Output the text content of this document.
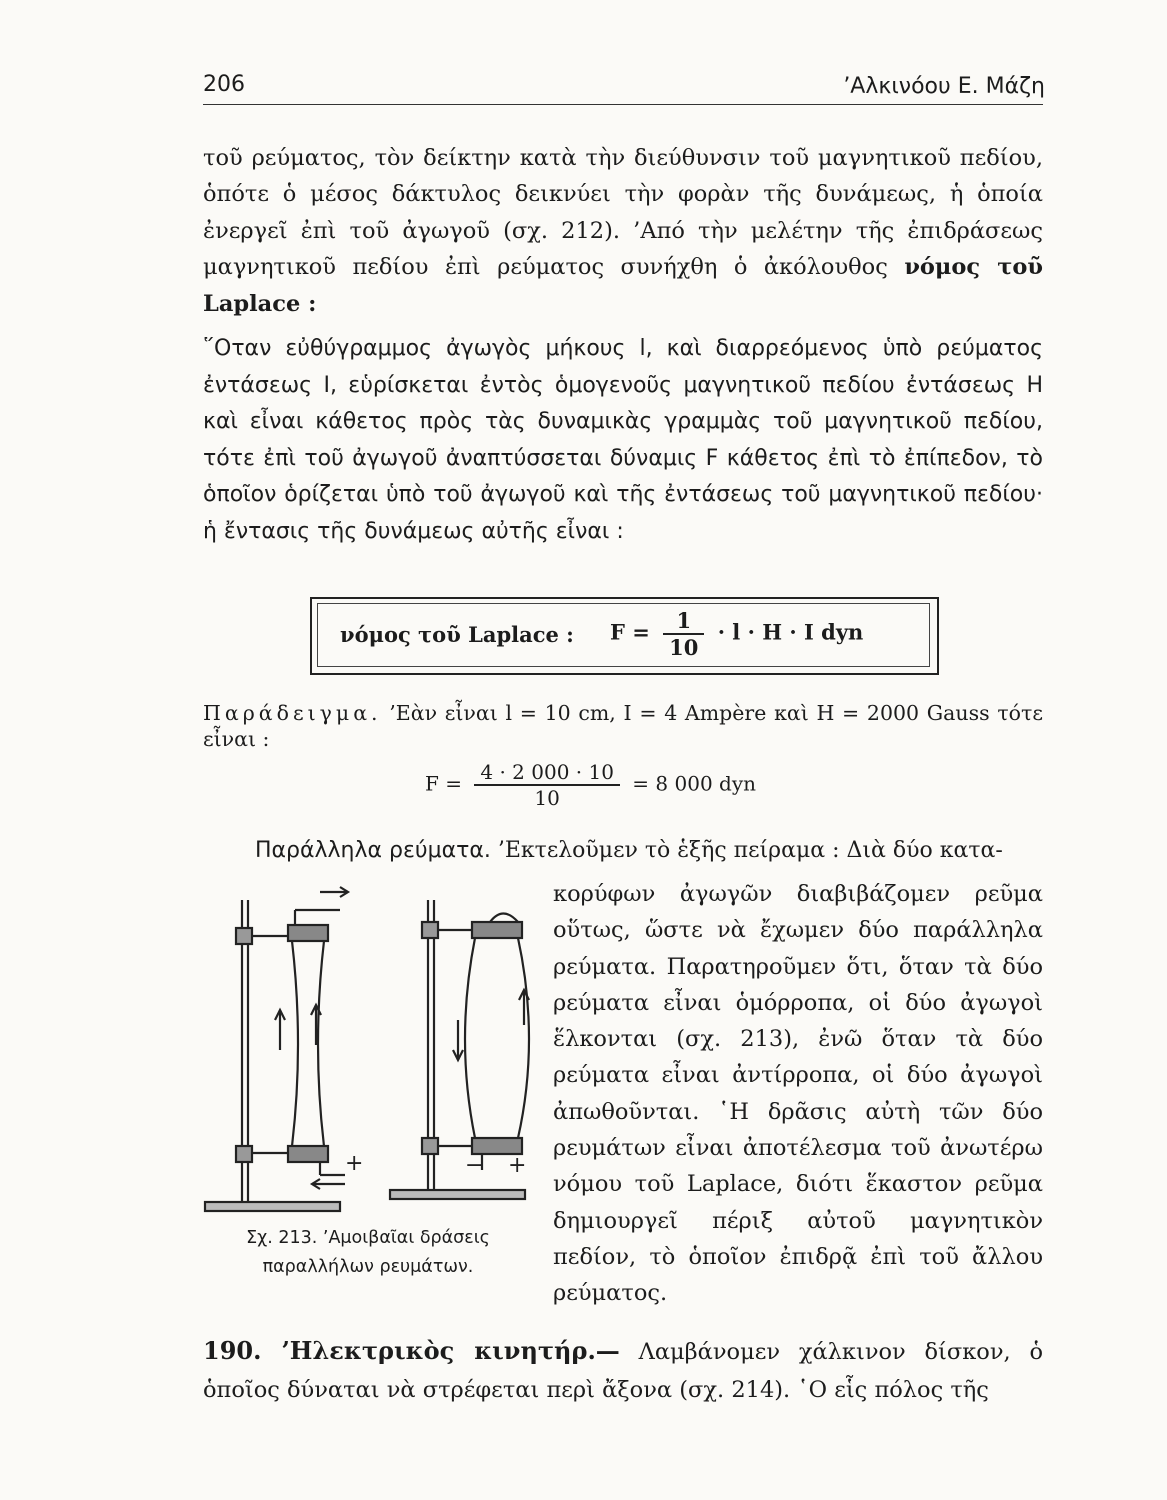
206	’Αλκινόου Ε. Μάζη

τοῦ ρεύματος, τὸν δείκτην κατὰ τὴν διεύθυνσιν τοῦ μαγνητικοῦ πεδίου, ὁπότε ὁ μέσος δάκτυλος δεικνύει τὴν φορὰν τῆς δυνάμεως, ἡ ὁποία ἐνεργεῖ ἐπὶ τοῦ ἀγωγοῦ (σχ. 212). ’Από τὴν μελέτην τῆς ἐπιδράσεως μαγνητικοῦ πεδίου ἐπὶ ρεύματος συνήχθη ὁ ἀκόλουθος νόμος τοῦ Laplace :

῞Οταν εὐθύγραμμος ἀγωγὸς μήκους l, καὶ διαρρεόμενος ὑπὸ ρεύματος ἐντάσεως I, εὑρίσκεται ἐντὸς ὁμογενοῦς μαγνητικοῦ πεδίου ἐντάσεως H καὶ εἶναι κάθετος πρὸς τὰς δυναμικὰς γραμμὰς τοῦ μαγνητικοῦ πεδίου, τότε ἐπὶ τοῦ ἀγωγοῦ ἀναπτύσσεται δύναμις F κάθετος ἐπὶ τὸ ἐπίπεδον, τὸ ὁποῖον ὁρίζεται ὑπὸ τοῦ ἀγωγοῦ καὶ τῆς ἐντάσεως τοῦ μαγνητικοῦ πεδίου· ἡ ἔντασις τῆς δυνάμεως αὐτῆς εἶναι :

νόμος τοῦ Laplace : $F = \frac{1}{10} \cdot l \cdot H \cdot I$ dyn

Παράδειγμα. ’Εὰν εἶναι l = 10 cm, I = 4 Ampère καὶ H = 2000 Gauss τότε εἶναι :

$F = \frac{4 \cdot 2 000 \cdot 10}{10} = 8$ 000 dyn
Παράλληλα ρεύματα. ’Εκτελοῦμεν τὸ ἑξῆς πείραμα : Διὰ δύο κατα-

κορύφων ἀγωγῶν διαβιβάζομεν ρεῦμα οὕτως, ὥστε νὰ ἔχωμεν δύο παράλληλα ρεύματα. Παρατηροῦμεν ὅτι, ὅταν τὰ δύο ρεύματα εἶναι ὁμόρροπα, οἱ δύο ἀγωγοὶ ἕλκονται (σχ. 213), ἐνῶ ὅταν τὰ δύο ρεύματα εἶναι ἀντίρροπα, οἱ δύο ἀγωγοὶ ἀπωθοῦνται. ῾Η δρᾶσις αὐτὴ τῶν δύο ρευμάτων εἶναι ἀποτέλεσμα τοῦ ἀνωτέρω νόμου τοῦ Laplace, διότι ἕκαστον ρεῦμα δημιουργεῖ πέριξ αὐτοῦ μαγνητικὸν πεδίον, τὸ ὁποῖον ἐπιδρᾷ ἐπὶ τοῦ ἄλλου ρεύματος.

+	− +
Σχ. 213. ’Αμοιβαῖαι δράσεις
παραλλήλων ρευμάτων.

190. ’Ηλεκτρικὸς κινητήρ.— Λαμβάνομεν χάλκινον δίσκον, ὁ ὁποῖος δύναται νὰ στρέφεται περὶ ἄξονα (σχ. 214). ῾Ο εἷς πόλος τῆς
